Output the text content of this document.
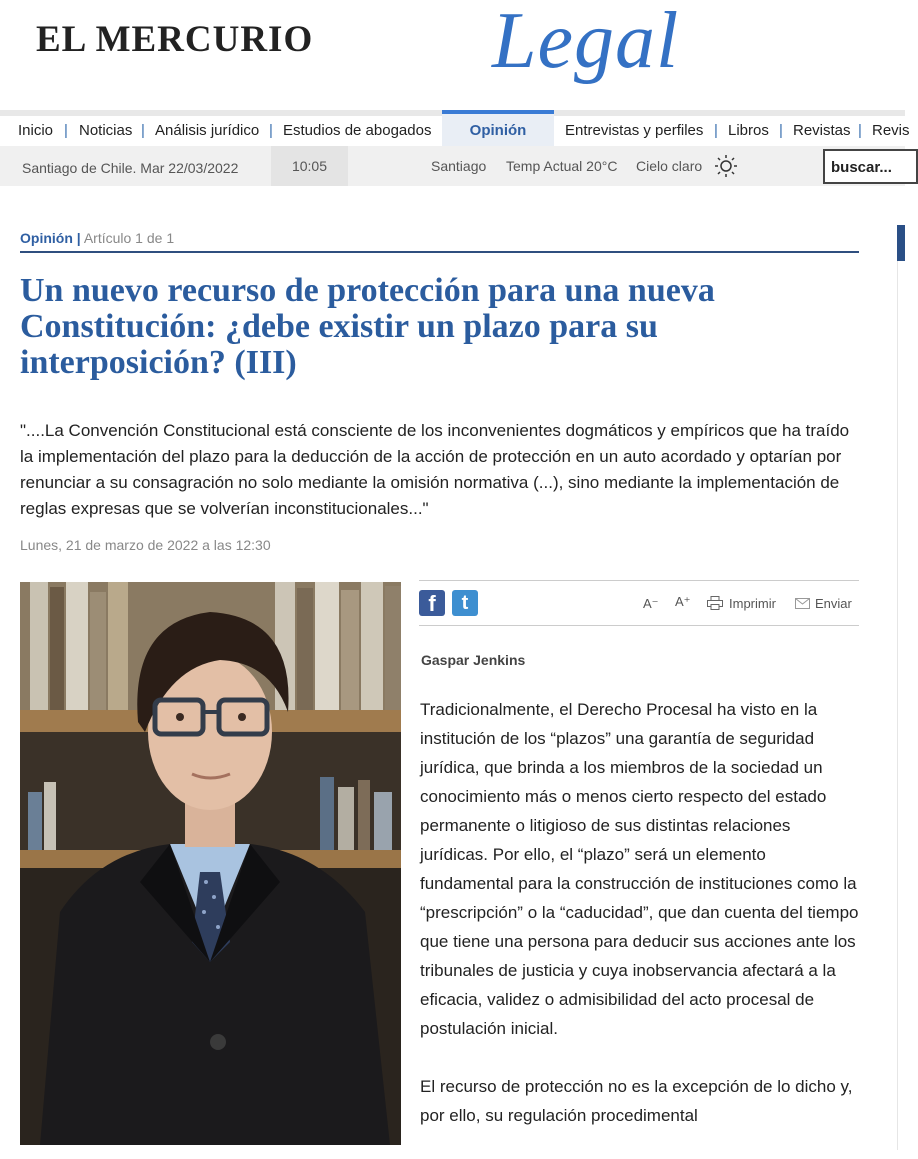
EL MERCURIO Legal
Inicio | Noticias | Análisis jurídico | Estudios de abogados	Opinión	Entrevistas y perfiles | Libros | Revistas | Revis
Santiago de Chile. Mar 22/03/2022	10:05	Santiago Temp Actual 20°C Cielo claro	buscar...
Opinión | Artículo 1 de 1
Un nuevo recurso de protección para una nueva Constitución: ¿debe existir un plazo para su interposición? (III)

"....La Convención Constitucional está consciente de los inconvenientes dogmáticos y empíricos que ha traído la implementación del plazo para la deducción de la acción de protección en un auto acordado y optarían por renunciar a su consagración no solo mediante la omisión normativa (...), sino mediante la implementación de reglas expresas que se volverían inconstitucionales..."

Lunes, 21 de marzo de 2022 a las 12:30
f	t	A⁻ A⁺	Imprimir	Enviar
Gaspar Jenkins

Tradicionalmente, el Derecho Procesal ha visto en la institución de los “plazos” una garantía de seguridad jurídica, que brinda a los miembros de la sociedad un conocimiento más o menos cierto respecto del estado permanente o litigioso de sus distintas relaciones jurídicas. Por ello, el “plazo” será un elemento fundamental para la construcción de instituciones como la “prescripción” o la “caducidad”, que dan cuenta del tiempo que tiene una persona para deducir sus acciones ante los tribunales de justicia y cuya inobservancia afectará a la eficacia, validez o admisibilidad del acto procesal de postulación inicial.

El recurso de protección no es la excepción de lo dicho y, por ello, su regulación procedimental
